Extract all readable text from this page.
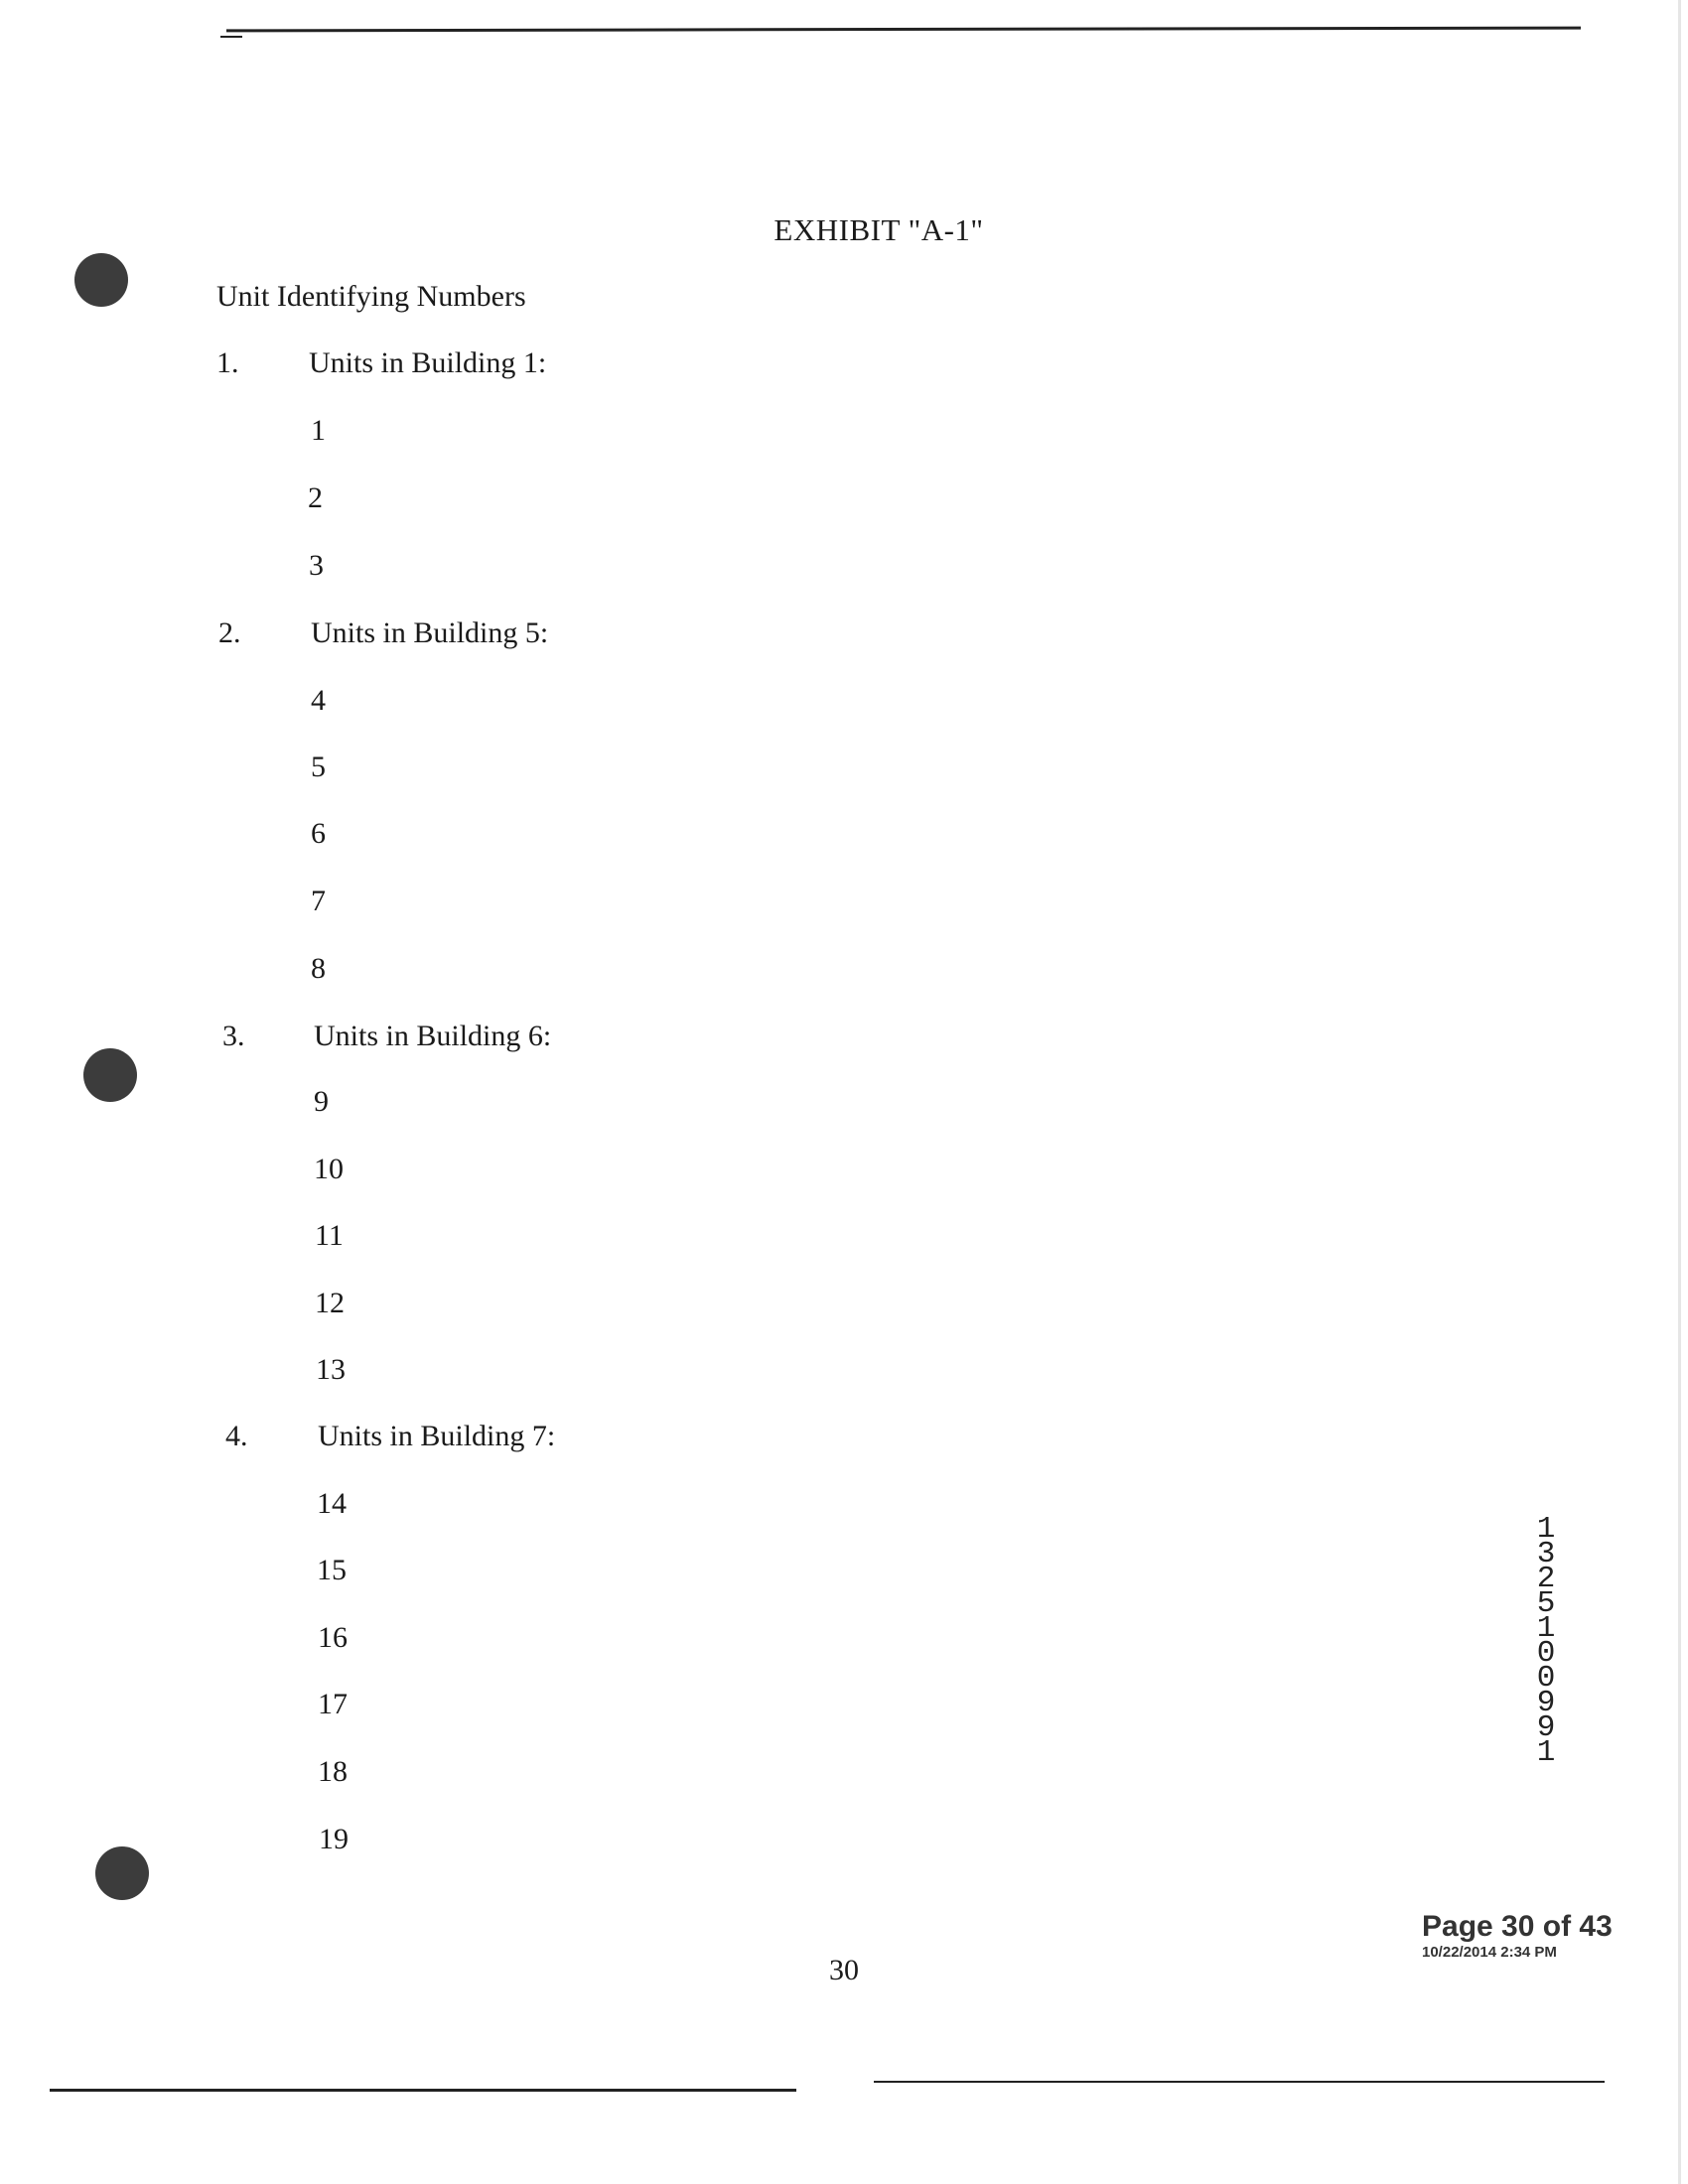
EXHIBIT "A-1"
Unit Identifying Numbers
1. Units in Building 1:
1
2
3
2. Units in Building 5:
4
5
6
7
8
3. Units in Building 6:
9
10
11
12
13
4. Units in Building 7:
14
15
16
17
18
19
13251 00991
Page 30 of 43
10/22/2014 2:34 PM
30
